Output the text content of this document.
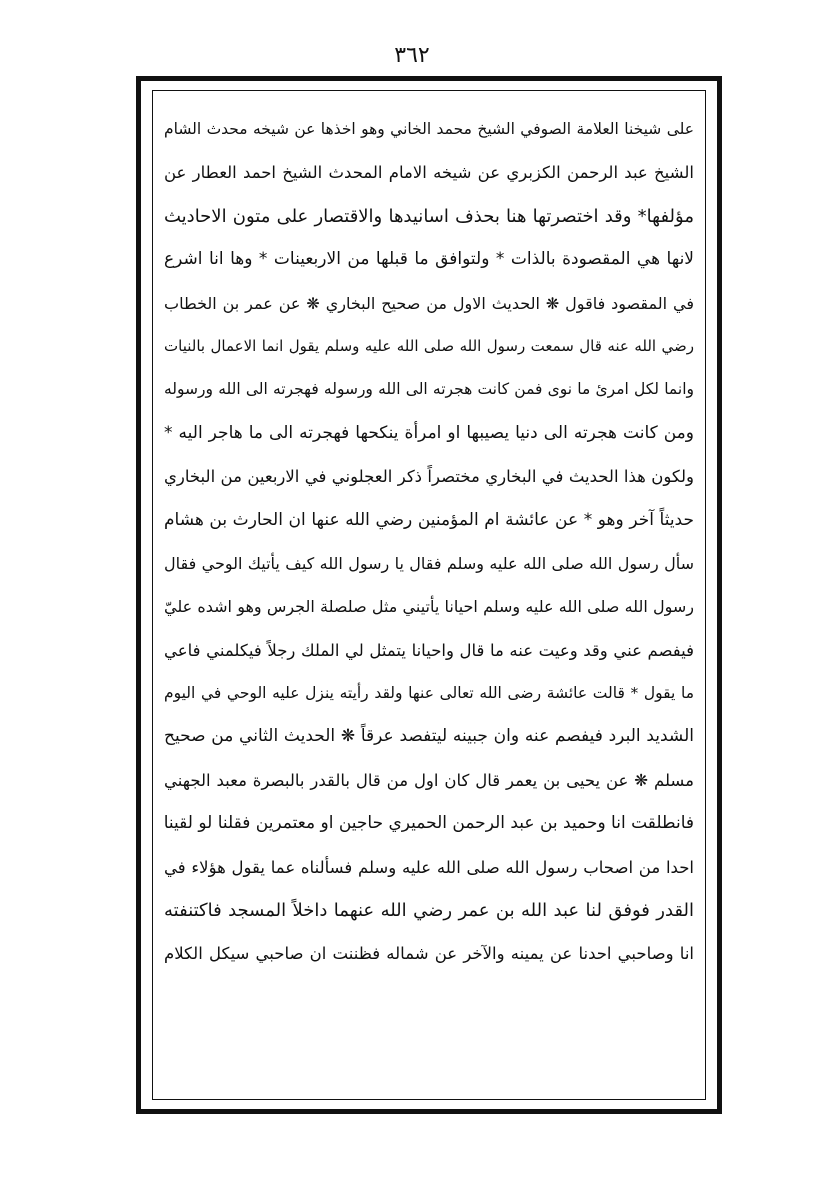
٣٦٢
على شيخنا العلامة الصوفي الشيخ محمد الخاني وهو اخذها عن شيخه محدث الشام
الشيخ عبد الرحمن الكزبري عن شيخه الامام المحدث الشيخ احمد العطار عن
مؤلفها* وقد اختصرتها هنا بحذف اسانيدها والاقتصار على متون الاحاديث
لانها هي المقصودة بالذات * ولتوافق ما قبلها من الاربعينات * وها انا اشرع
في المقصود فاقول ❋ الحديث الاول من صحيح البخاري ❋ عن عمر بن الخطاب
رضي الله عنه قال سمعت رسول الله صلى الله عليه وسلم يقول انما الاعمال بالنيات
وانما لكل امرئ ما نوى فمن كانت هجرته الى الله ورسوله فهجرته الى الله ورسوله
ومن كانت هجرته الى دنيا يصيبها او امرأة ينكحها فهجرته الى ما هاجر اليه *
ولكون هذا الحديث في البخاري مختصراً ذكر العجلوني في الاربعين من البخاري
حديثاً آخر وهو * عن عائشة ام المؤمنين رضي الله عنها ان الحارث بن هشام
سأل رسول الله صلى الله عليه وسلم فقال يا رسول الله كيف يأتيك الوحي فقال
رسول الله صلى الله عليه وسلم احيانا يأتيني مثل صلصلة الجرس وهو اشده عليّ
فيفصم عني وقد وعيت عنه ما قال واحيانا يتمثل لي الملك رجلاً فيكلمني فاعي
ما يقول * قالت عائشة رضى الله تعالى عنها ولقد رأيته ينزل عليه الوحي في اليوم
الشديد البرد فيفصم عنه وان جبينه ليتفصد عرقاً ❋ الحديث الثاني من صحيح
مسلم ❋ عن يحيى بن يعمر قال كان اول من قال بالقدر بالبصرة معبد الجهني
فانطلقت انا وحميد بن عبد الرحمن الحميري حاجين او معتمرين فقلنا لو لقينا
احدا من اصحاب رسول الله صلى الله عليه وسلم فسألناه عما يقول هؤلاء في
القدر فوفق لنا عبد الله بن عمر رضي الله عنهما داخلاً المسجد فاكتنفته
انا وصاحبي احدنا عن يمينه والآخر عن شماله فظننت ان صاحبي سيكل الكلام
